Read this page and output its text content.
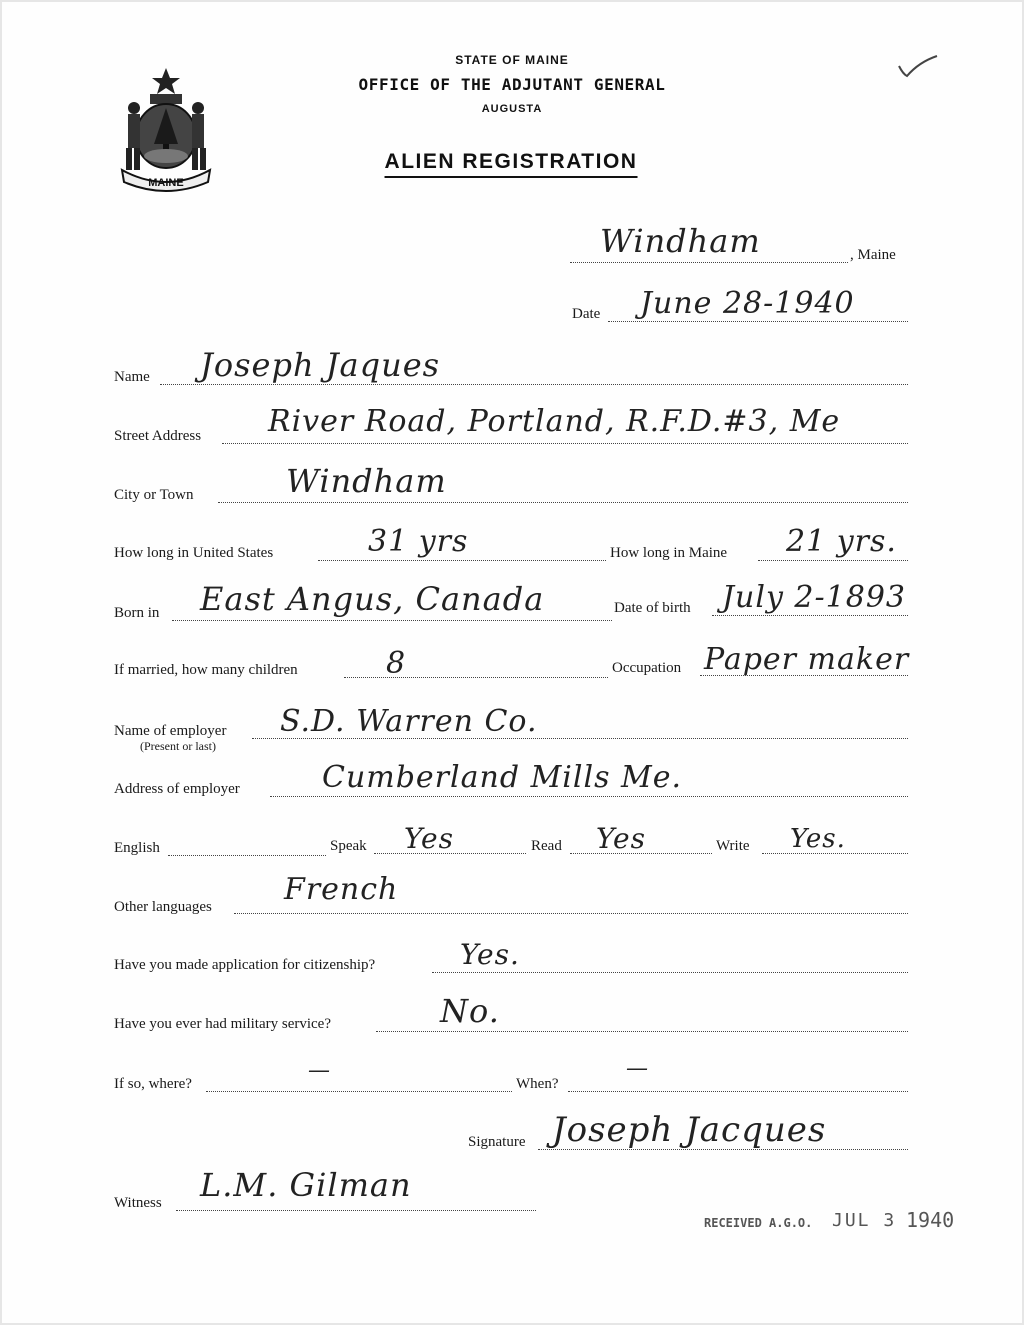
MAINE
STATE OF MAINE
OFFICE OF THE ADJUTANT GENERAL
AUGUSTA
ALIEN REGISTRATION
Windham	, Maine
Date June 28-1940
Name Joseph Jaques
Street Address River Road, Portland, R.F.D.#3, Me
City or Town	Windham
How long in United States	31 yrs	How long in Maine 21 yrs.
Born in East Angus, Canada	Date of birth July 2-1893
If married, how many children	8	Occupation Paper maker
Name of employer
(Present or last)
S.D. Warren Co.
Address of employer	Cumberland Mills Me.
English	Speak Yes	Read Yes	Write Yes.
Other languages French
Have you made application for citizenship?	Yes.
Have you ever had military service?	No.
If so, where?
—
When?
—
Signature Joseph Jacques
Witness L.M. Gilman
RECEIVED A.G.O. JUL 3 1940
